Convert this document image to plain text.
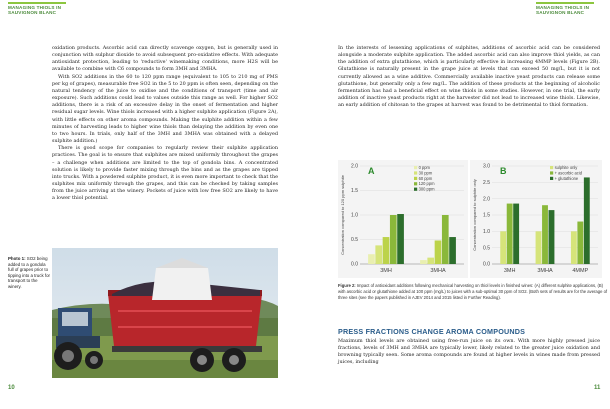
MANAGING THIOLS IN
SAUVIGNON BLANC
MANAGING THIOLS IN
SAUVIGNON BLANC

oxidation products. Ascorbic acid can directly scavenge oxygen, but is generally used in conjunction with sulphur dioxide to avoid subsequent pro-oxidative effects. With adequate antioxidant protection, leading to 'reductive' winemaking conditions, more H2S will be available to combine with C6 compounds to form 3MH and 3MHA.

With SO2 additions in the 60 to 120 ppm range (equivalent to 105 to 210 mg of PMS per kg of grapes), measurable free SO2 in the 5 to 20 ppm is often seen, depending on the natural tendency of the juice to oxidise and the conditions of transport (time and air exposure). Such additions could lead to values outside this range as well. For higher SO2 additions, there is a risk of an excessive delay in the onset of fermentation and higher residual sugar levels. Wine thiols increased with a higher sulphite application (Figure 2A), with little effects on other aroma compounds. Making the sulphite addition within a few minutes of harvesting leads to higher wine thiols than delaying the addition by even one to two hours. In trials, only half of the 3MH and 3MHA was obtained with a delayed sulphite addition.)

There is good scope for companies to regularly review their sulphite application practices. The goal is to ensure that sulphites are mixed uniformly throughout the grapes – a challenge when additions are limited to the top of gondola bins. A concentrated solution is likely to provide faster mixing through the bins and as the grapes are tipped into trucks. With a powdered sulphite product, it is even more important to check that the sulphites mix uniformly through the grapes, and this can be checked by taking samples from the juice arriving at the winery. Pockets of juice with low free SO2 are likely to have a lower thiol potential.

Photo 1: SO2 being added to a gondola full of grapes prior to tipping into a truck for transport to the winery.
10

In the interests of lessening applications of sulphites, additions of ascorbic acid can be considered alongside a moderate sulphite application. The added ascorbic acid can also improve thiol yields, as can the addition of extra glutathione, which is particularly effective in increasing 4MMP levels (Figure 2B). Glutathione is naturally present in the grape juice at levels that can exceed 50 mg/L, but it is not currently allowed as a wine additive. Commercially available inactive yeast products can release some glutathione, but generally only a few mg/L. The addition of these products at the beginning of alcoholic fermentation has had a beneficial effect on wine thiols in some studies. However, in one trial, the early addition of inactive yeast products right at the harvester did not lead to increased wine thiols. Likewise, an early addition of chitosan to the grapes at harvest was found to be detrimental to thiol formation.

Concentration compared to 120 ppm sulphite
0.0
0.5
1.0
1.5
2.0
3MH	3MHA
A	0 ppm
30 ppm
60 ppm
120 ppm
300 ppm	Concentration compared to sulphite only
0.0
0.5
1.0
1.5
2.0
2.5
3.0
3MH	3MHA	4MMP
B	sulphite only
+ ascorbic acid
+ glutathione
Figure 2: Impact of antioxidant additions following mechanical harvesting on thiol levels in finished wines: (A) different sulphite applications, (B) with ascorbic acid or glutathione added at 100 ppm (mg/L) to juices with a sub-optimal 30 ppm of SO2. (Both sets of results are for the average of three sites (see the papers published in AJEV 2014 and 2015 listed in Further Reading).
PRESS FRACTIONS CHANGE AROMA COMPOUNDS

Maximum thiol levels are obtained using free-run juice on its own. With more highly pressed juice fractions, levels of 3MH and 3MHA are typically lower, likely related to the greater juice oxidation and browning typically seen. Some aroma compounds are found at higher levels in wines made from pressed juices, including

11
